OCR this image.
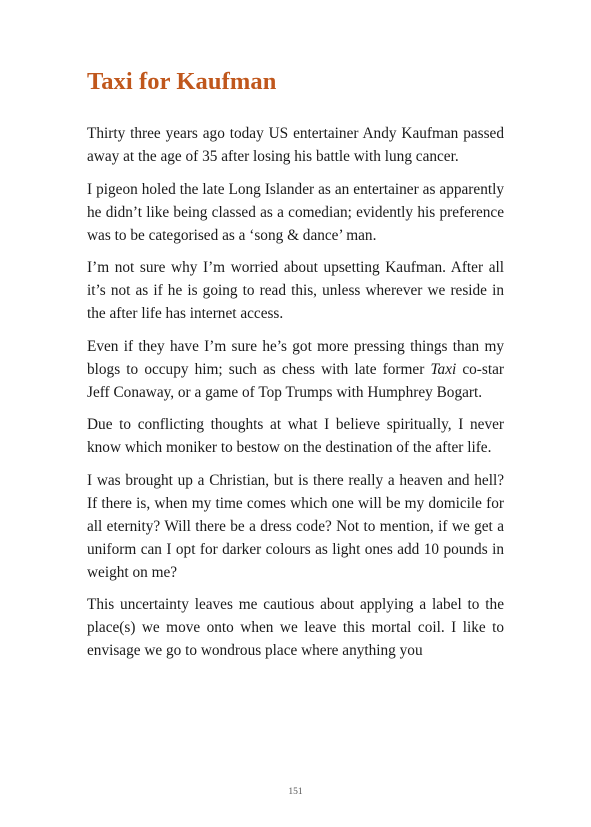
Taxi for Kaufman

Thirty three years ago today US entertainer Andy Kaufman passed away at the age of 35 after losing his battle with lung cancer.

I pigeon holed the late Long Islander as an entertainer as apparently he didn’t like being classed as a comedian; evidently his preference was to be categorised as a ‘song & dance’ man.

I’m not sure why I’m worried about upsetting Kaufman. After all it’s not as if he is going to read this, unless wherever we reside in the after life has internet access.

Even if they have I’m sure he’s got more pressing things than my blogs to occupy him; such as chess with late former Taxi co-star Jeff Conaway, or a game of Top Trumps with Humphrey Bogart.

Due to conflicting thoughts at what I believe spiritually, I never know which moniker to bestow on the destination of the after life.

I was brought up a Christian, but is there really a heaven and hell? If there is, when my time comes which one will be my domicile for all eternity? Will there be a dress code? Not to mention, if we get a uniform can I opt for darker colours as light ones add 10 pounds in weight on me?

This uncertainty leaves me cautious about applying a label to the place(s) we move onto when we leave this mortal coil. I like to envisage we go to wondrous place where anything you

151
